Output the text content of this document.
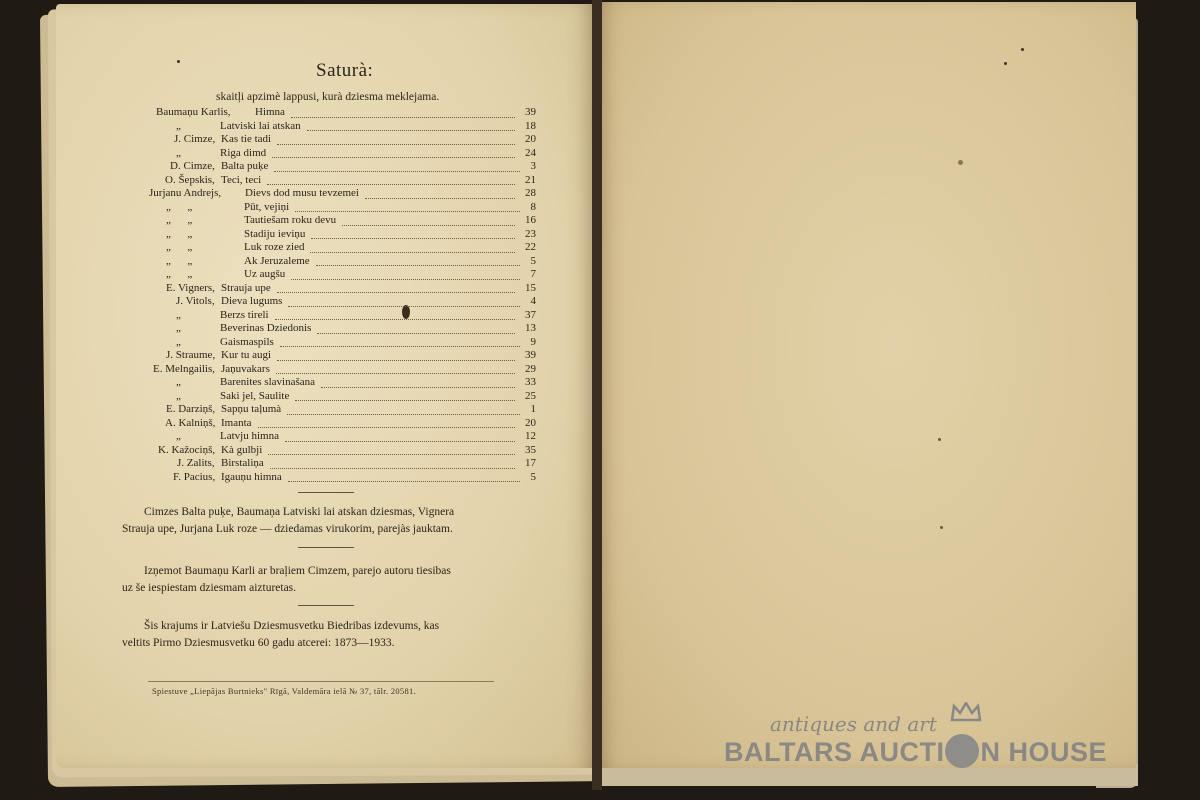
Saturà:
skaitļi apzimè lappusi, kurà dziesma meklejama.
Baumaņu Karlis, Himna	39
„	Latviski lai atskan	18
J. Cimze, Kas tie tadi	20
„	Riga dimd	24
D. Cimze, Balta puķe	3
O. Šepskis, Teci, teci	21
Jurjanu Andrejs, Dievs dod musu tevzemei	28
„      „	Pūt, vejiņi	8
„      „	Tautiešam roku devu	16
„      „	Stadiju ieviņu	23
„      „	Luk roze zied	22
„      „	Ak Jeruzaleme	5
„      „	Uz augšu	7
E. Vigners, Strauja upe	15
J. Vitols, Dieva lugums	4
„	Berzs tireli	37
„	Beverinas Dziedonis	13
„	Gaismaspils	9
J. Straume, Kur tu augi	39
E. Melngailis, Jaņuvakars	29
„	Barenites slavinašana	33
„	Saki jel, Saulite	25
E. Darziņš, Sapņu taļumà	1
A. Kalniņš, Imanta	20
„	Latvju himna	12
K. Kažociņš, Kà gulbji	35
J. Zalits, Birstaliņa	17
F. Pacius, Igauņu himna	5
Cimzes Balta puķe, Baumaņa Latviski lai atskan dziesmas, Vignera
Strauja upe, Jurjana Luk roze — dziedamas virukorim, parejàs jauktam.
Izņemot Baumaņu Karli ar braļiem Cimzem, parejo autoru tiesibas
uz še iespiestam dziesmam aizturetas.
Šis krajums ir Latviešu Dziesmusvetku Biedribas izdevums, kas
veltits Pirmo Dziesmusvetku 60 gadu atcerei: 1873—1933.
Spiestuve „Liepājas Burtnieks" Rīgā, Valdemāra ielā № 37, tālr. 20581.
antiques and art
BALTARS AUCTI N HOUSE
